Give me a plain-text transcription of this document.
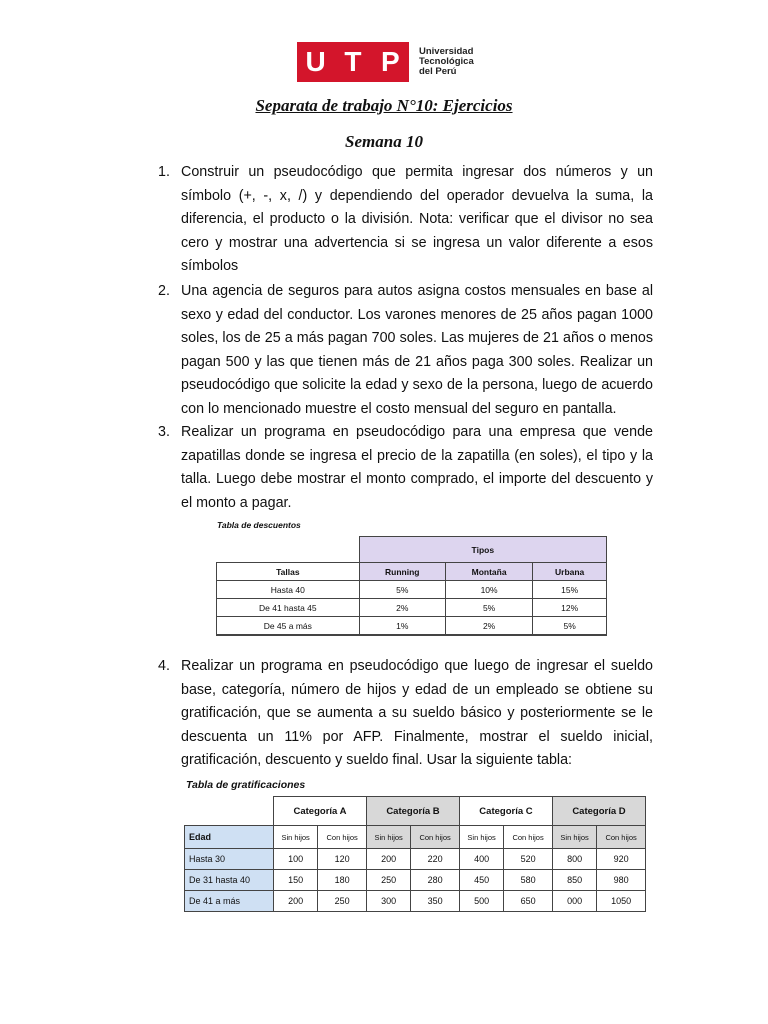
U T P Universidad
Tecnológica
del Perú
Separata de trabajo N°10: Ejercicios
Semana 10
1. Construir un pseudocódigo que permita ingresar dos números y un símbolo (+, -, x, /) y dependiendo del operador devuelva la suma, la diferencia, el producto o la división. Nota: verificar que el divisor no sea cero y mostrar una advertencia si se ingresa un valor diferente a esos símbolos
2. Una agencia de seguros para autos asigna costos mensuales en base al sexo y edad del conductor. Los varones menores de 25 años pagan 1000 soles, los de 25 a más pagan 700 soles. Las mujeres de 21 años o menos pagan 500 y las que tienen más de 21 años paga 300 soles. Realizar un pseudocódigo que solicite la edad y sexo de la persona, luego de acuerdo con lo mencionado muestre el costo mensual del seguro en pantalla.
3. Realizar un programa en pseudocódigo para una empresa que vende zapatillas donde se ingresa el precio de la zapatilla (en soles), el tipo y la talla. Luego debe mostrar el monto comprado, el importe del descuento y el monto a pagar.
Tabla de descuentos
	Tipos		
Tallas	Running	Montaña	Urbana
Hasta 40	5%	10%	15%
De 41 hasta 45	2%	5%	12%
De 45 a más	1%	2%	5%
4. Realizar un programa en pseudocódigo que luego de ingresar el sueldo base, categoría, número de hijos y edad de un empleado se obtiene su gratificación, que se aumenta a su sueldo básico y posteriormente se le descuenta un 11% por AFP. Finalmente, mostrar el sueldo inicial, gratificación, descuento y sueldo final. Usar la siguiente tabla:
Tabla de gratificaciones
	Categoría A		Categoría B		Categoría C		Categoría D	
Edad	Sin hijos	Con hijos	Sin hijos	Con hijos	Sin hijos	Con hijos	Sin hijos	Con hijos
Hasta 30	100	120	200	220	400	520	800	920
De 31 hasta 40	150	180	250	280	450	580	850	980
De 41 a más	200	250	300	350	500	650	000	1050
